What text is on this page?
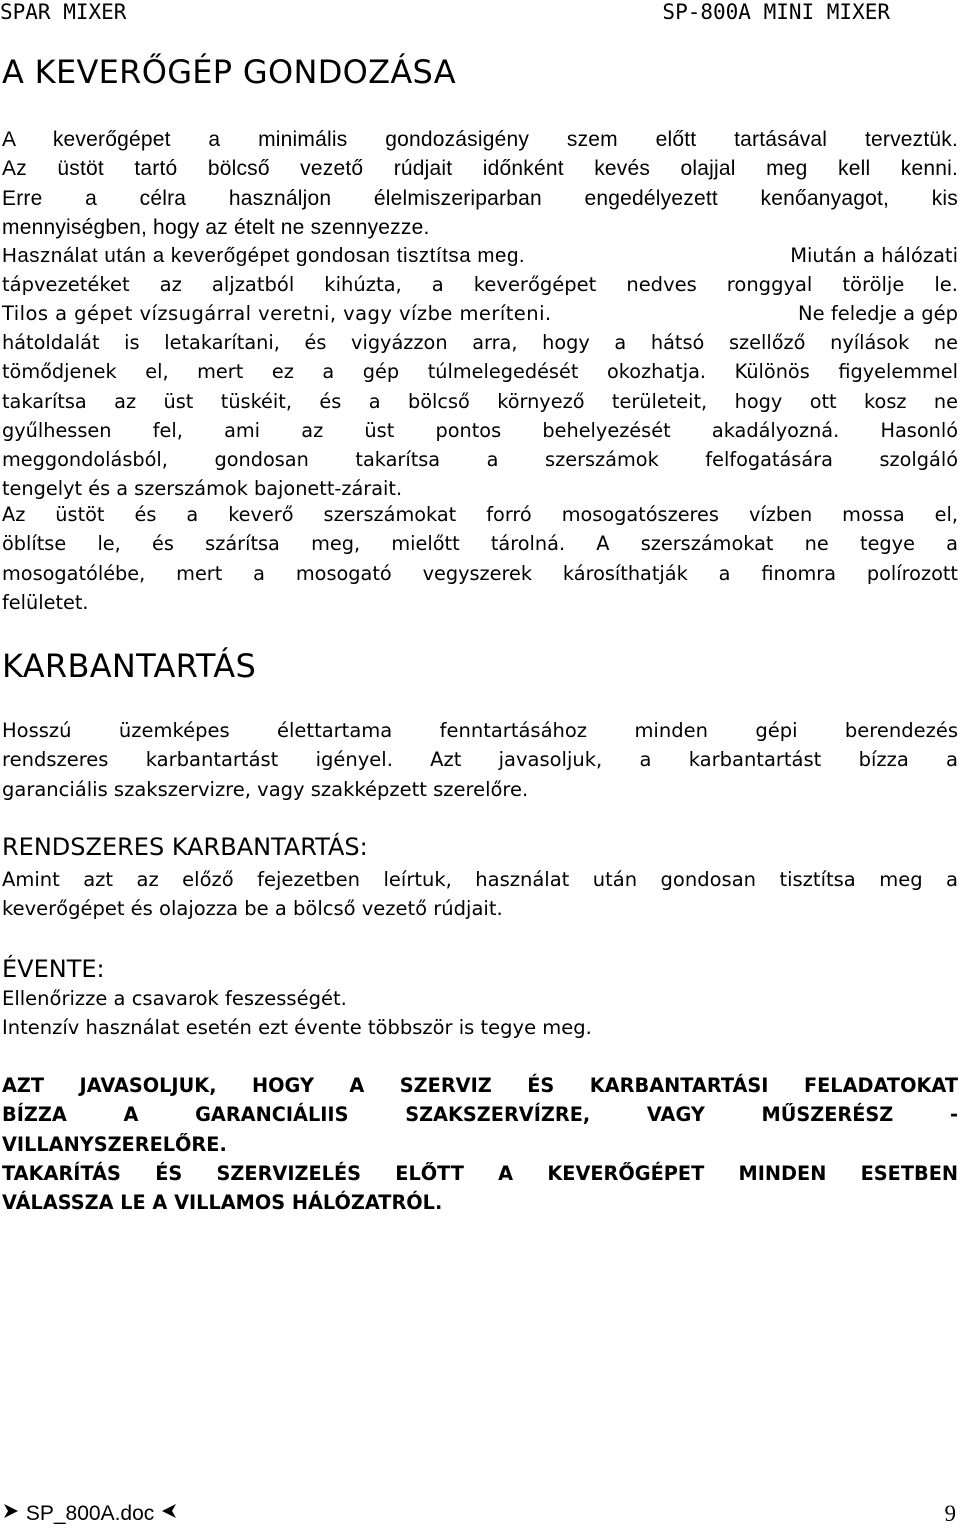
SPAR MIXER	SP-800A MINI MIXER
A KEVERŐGÉP GONDOZÁSA

A keverőgépet a minimális gondozásigény szem előtt tartásával terveztük.

Az üstöt tartó bölcső vezető rúdjait időnként kevés olajjal meg kell kenni.

Erre a célra használjon élelmiszeriparban engedélyezett kenőanyagot, kis

mennyiségben, hogy az ételt ne szennyezze.

Használat után a keverőgépet gondosan tisztítsa meg.	Miután a hálózati

tápvezetéket az aljzatból kihúzta, a keverőgépet nedves ronggyal törölje le.

Tilos a gépet vízsugárral veretni, vagy vízbe meríteni.	Ne feledje a gép

hátoldalát is letakarítani, és vigyázzon arra, hogy a hátsó szellőző nyílások ne

tömődjenek el, mert ez a gép túlmelegedését okozhatja. Különös figyelemmel

takarítsa az üst tüskéit, és a bölcső környező területeit, hogy ott kosz ne

gyűlhessen fel, ami az üst pontos behelyezését akadályozná. Hasonló

meggondolásból, gondosan takarítsa a szerszámok felfogatására szolgáló

tengelyt és a szerszámok bajonett-zárait.

Az üstöt és a keverő szerszámokat forró mosogatószeres vízben mossa el,

öblítse le, és szárítsa meg, mielőtt tárolná. A szerszámokat ne tegye a

mosogatólébe, mert a mosogató vegyszerek károsíthatják a finomra polírozott

felületet.

KARBANTARTÁS

Hosszú üzemképes élettartama fenntartásához minden gépi berendezés

rendszeres karbantartást igényel. Azt javasoljuk, a karbantartást bízza a

garanciális szakszervizre, vagy szakképzett szerelőre.

RENDSZERES KARBANTARTÁS:

Amint azt az előző fejezetben leírtuk, használat után gondosan tisztítsa meg a

keverőgépet és olajozza be a bölcső vezető rúdjait.

ÉVENTE:

Ellenőrizze a csavarok feszességét.

Intenzív használat esetén ezt évente többször is tegye meg.

AZT JAVASOLJUK, HOGY A SZERVIZ ÉS KARBANTARTÁSI FELADATOKAT

BÍZZA A GARANCIÁLIIS SZAKSZERVÍZRE, VAGY MŰSZERÉSZ -

VILLANYSZERELŐRE.

TAKARÍTÁS ÉS SZERVIZELÉS ELŐTT A KEVERŐGÉPET MINDEN ESETBEN

VÁLASSZA LE A VILLAMOS HÁLÓZATRÓL.

SP_800A.doc	9
